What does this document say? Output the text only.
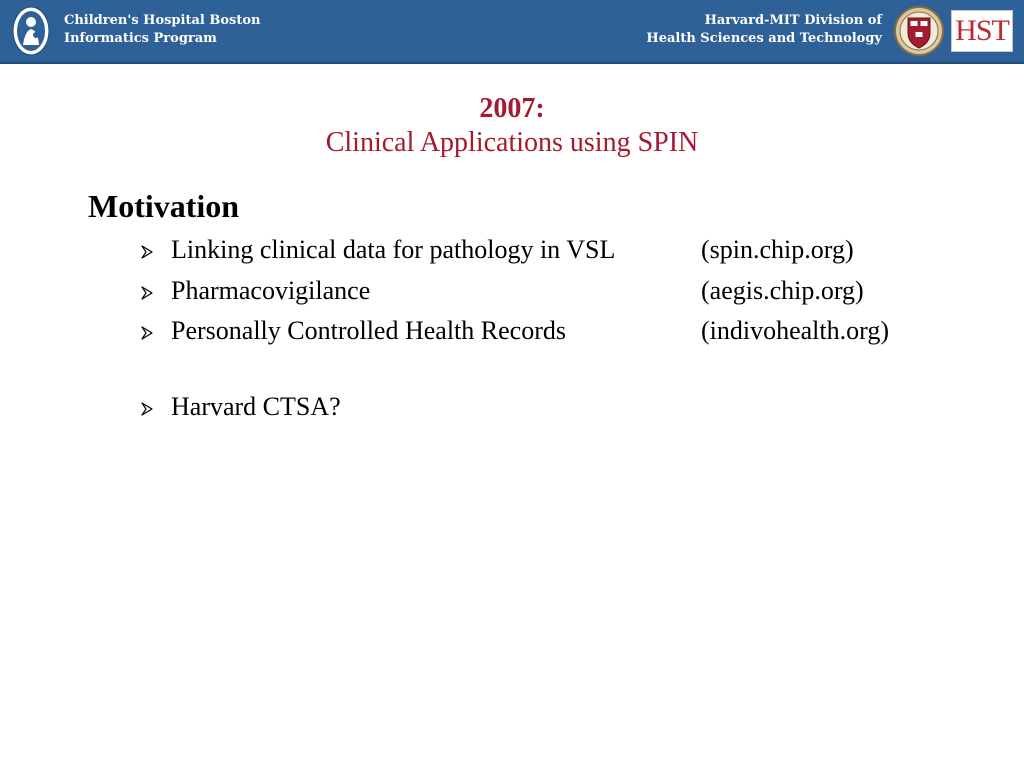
Children's Hospital Boston
Informatics Program
Harvard-MIT Division of
Health Sciences and Technology HST
2007:
Clinical Applications using SPIN
Motivation
Linking clinical data for pathology in VSL	(spin.chip.org)
Pharmacovigilance	(aegis.chip.org)
Personally Controlled Health Records	(indivohealth.org)
Harvard CTSA?
